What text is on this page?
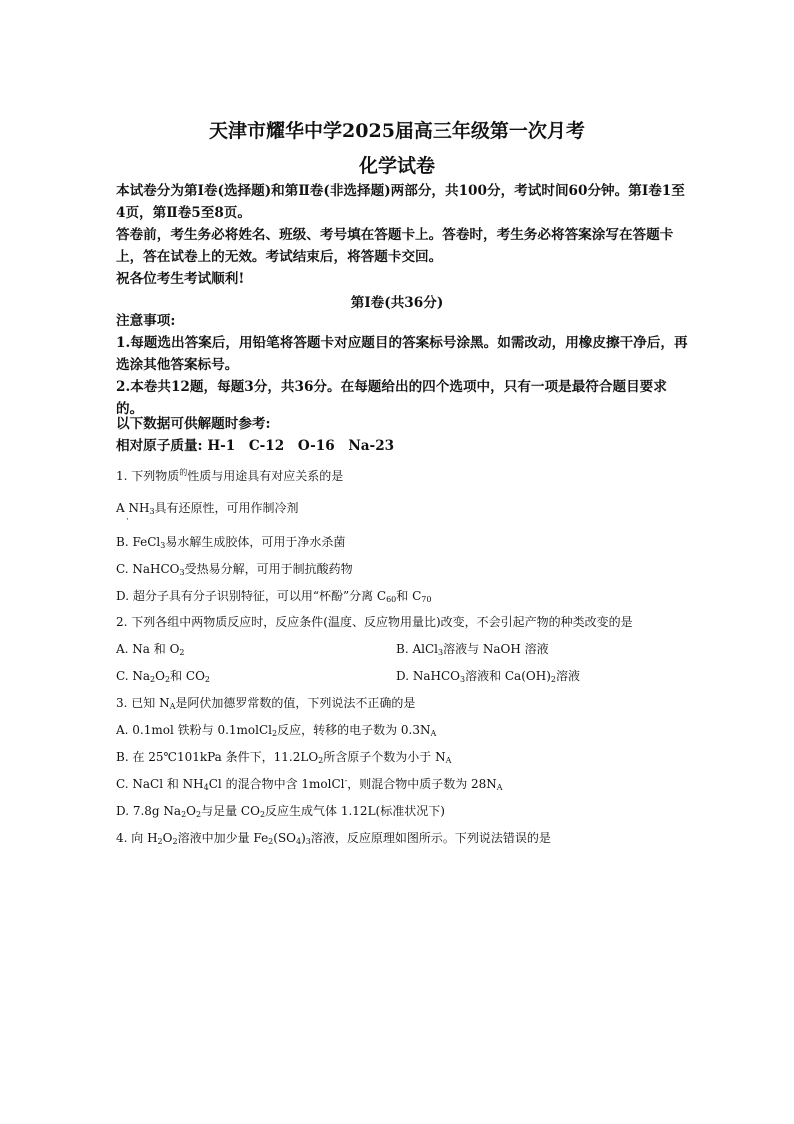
天津市耀华中学2025届高三年级第一次月考
化学试卷
本试卷分为第Ⅰ卷(选择题)和第Ⅱ卷(非选择题)两部分，共100分，考试时间60分钟。第Ⅰ卷1至4页，第Ⅱ卷5至8页。
答卷前，考生务必将姓名、班级、考号填在答题卡上。答卷时，考生务必将答案涂写在答题卡上，答在试卷上的无效。考试结束后，将答题卡交回。
祝各位考生考试顺利!
第Ⅰ卷(共36分)
注意事项:
1.每题选出答案后，用铅笔将答题卡对应题目的答案标号涂黑。如需改动，用橡皮擦干净后，再选涂其他答案标号。
2.本卷共12题，每题3分，共36分。在每题给出的四个选项中，只有一项是最符合题目要求的。
以下数据可供解题时参考:
相对原子质量: H-1　C-12　O-16　Na-23
1. 下列物质$^的$性质与用途具有对应关系的是
A $NH_3$具有还原性，可用作制冷剂
·
B. FeCl$_3$易水解生成胶体，可用于净水杀菌
C. NaHCO$_3$受热易分解，可用于制抗酸药物
D. 超分子具有分子识别特征，可以用“杯酚”分离 $C_{60}$和 $C_{70}$
2. 下列各组中两物质反应时，反应条件(温度、反应物用量比)改变，不会引起产物的种类改变的是
A. Na 和 $O_2$	B. AlCl$_3$溶液与 NaOH 溶液
C. $Na_2O_2$和 $CO_2$	D. NaHCO$_3$溶液和 $Ca(OH)_2$溶液
3. 已知 $N_A$是阿伏加德罗常数的值，下列说法不正确的是
A. 0.1mol 铁粉与 0.1molCl$_2$反应，转移的电子数为 $0.3N_A$
B. 在 25℃101kPa 条件下，$11.2LO_2$所含原子个数为小于 $N_A$
C. NaCl 和 $NH_4Cl$ 的混合物中含 1molCl-，则混合物中质子数为 $28N_A$
D. 7.8g $Na_2O_2$与足量 $CO_2$反应生成气体 1.12L(标准状况下)
4. 向 $H_2O_2$溶液中加少量 $Fe_2(SO_4)_3$溶液，反应原理如图所示。下列说法错误的是
